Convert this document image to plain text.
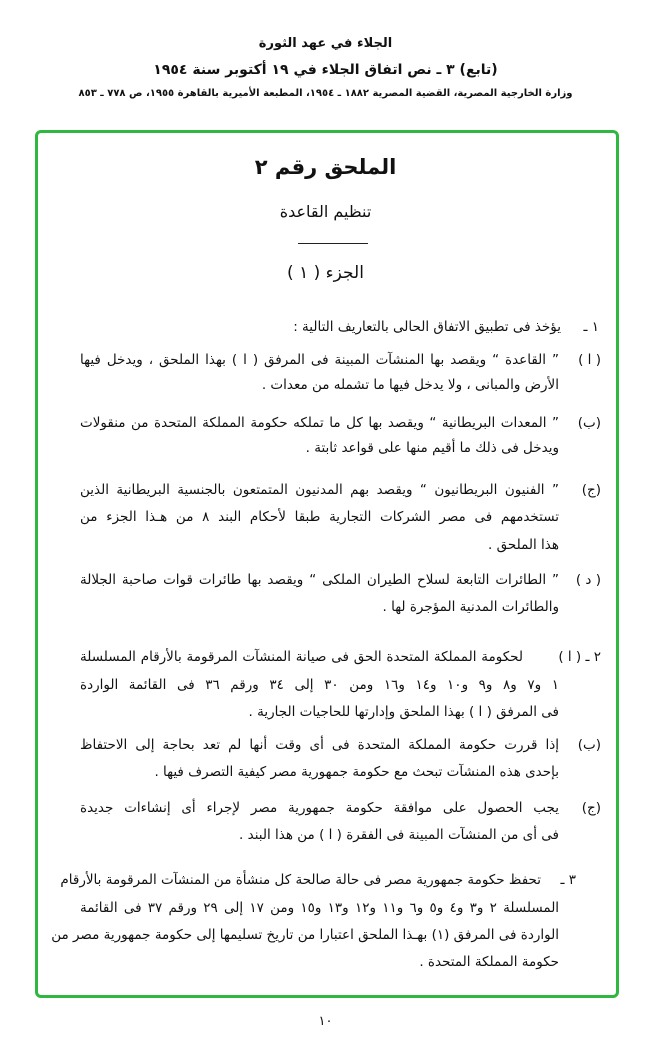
الجلاء في عهد الثورة
(تابع) ٣ ـ نص اتفاق الجلاء في ١٩ أكتوبر سنة ١٩٥٤
وزارة الخارجية المصرية، القضية المصرية ١٨٨٢ ـ ١٩٥٤، المطبعة الأميرية بالقاهرة ١٩٥٥، ص ٧٧٨ ـ ٨٥٣
الملحق رقم ٢
تنظيم القاعدة
الجزء ( ١ )
١ ـ
يؤخذ فى تطبيق الاتفاق الحالى بالتعاريف التالية :
( ا )
” القاعدة “ ويقصد بها المنشآت المبينة فى المرفق ( ا ) بهذا الملحق ، ويدخل فيها
الأرض والمبانى ، ولا يدخل فيها ما تشمله من معدات .
(ب)
” المعدات البريطانية “ ويقصد بها كل ما تملكه حكومة المملكة المتحدة من منقولات
ويدخل فى ذلك ما أقيم منها على قواعد ثابتة .
(ج)
” الفنيون البريطانيون “ ويقصد بهم المدنيون المتمتعون بالجنسية البريطانية الذين
تستخدمهم فى مصر الشركات التجارية طبقا لأحكام البند ٨ من هـذا الجزء من
هذا الملحق .
( د )
” الطائرات التابعة لسلاح الطيران الملكى “ ويقصد بها طائرات قوات صاحبة الجلالة
والطائرات المدنية المؤجرة لها .
٢ ـ ( ا )
لحكومة المملكة المتحدة الحق فى صيانة المنشآت المرقومة بالأرقام المسلسلة
١ و٧ و٨ و٩ و١٠ و١٤ و١٦ ومن ٣٠ إلى ٣٤ ورقم ٣٦ فى القائمة الواردة
فى المرفق ( ا ) بهذا الملحق وإدارتها للحاجيات الجارية .
(ب)
إذا قررت حكومة المملكة المتحدة فى أى وقت أنها لم تعد بحاجة إلى الاحتفاظ
بإحدى هذه المنشآت تبحث مع حكومة جمهورية مصر كيفية التصرف فيها .
(ج)
يجب الحصول على موافقة حكومة جمهورية مصر لإجراء أى إنشاءات جديدة
فى أى من المنشآت المبينة فى الفقرة ( ا ) من هذا البند .
٣ ـ
تحفظ حكومة جمهورية مصر فى حالة صالحة كل منشأة من المنشآت المرقومة بالأرقام
المسلسلة ٢ و٣ و٤ و٥ و٦ و١١ و١٢ و١٣ و١٥ ومن ١٧ إلى ٢٩ ورقم ٣٧ فى القائمة
الواردة فى المرفق (١) بهـذا الملحق اعتبارا من تاريخ تسليمها إلى حكومة جمهورية مصر من
حكومة المملكة المتحدة .
١٠
